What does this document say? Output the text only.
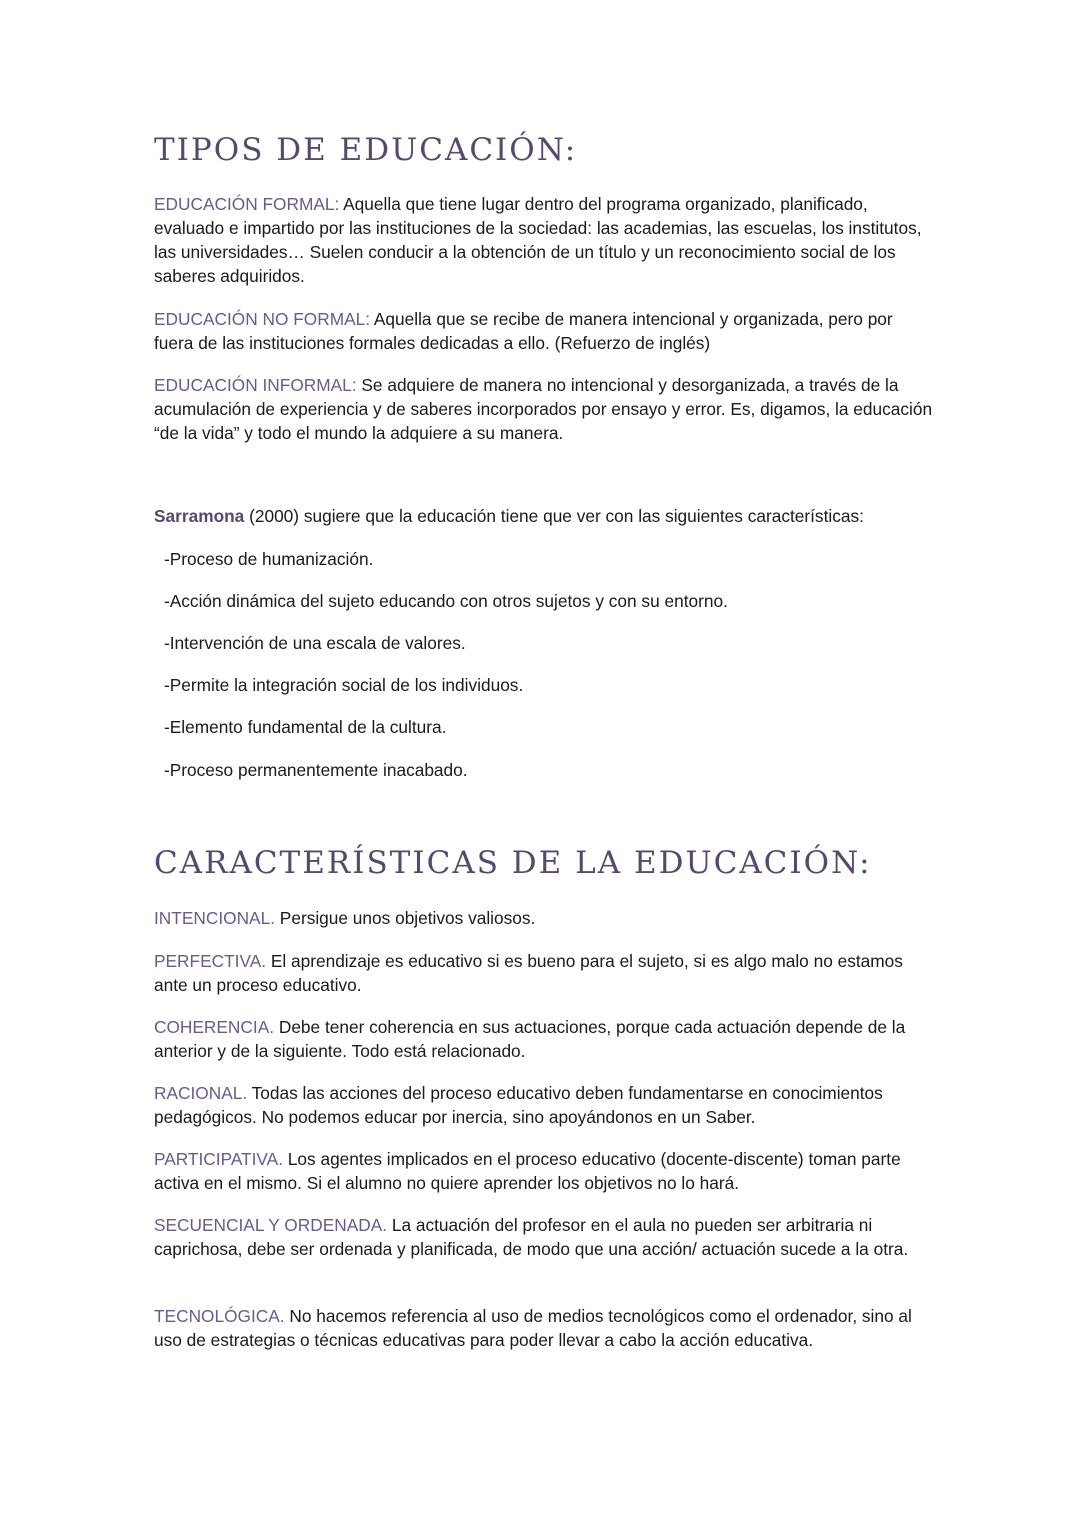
TIPOS DE EDUCACIÓN:

EDUCACIÓN FORMAL: Aquella que tiene lugar dentro del programa organizado, planificado, evaluado e impartido por las instituciones de la sociedad: las academias, las escuelas, los institutos, las universidades… Suelen conducir a la obtención de un título y un reconocimiento social de los saberes adquiridos.

EDUCACIÓN NO FORMAL: Aquella que se recibe de manera intencional y organizada, pero por fuera de las instituciones formales dedicadas a ello. (Refuerzo de inglés)

EDUCACIÓN INFORMAL: Se adquiere de manera no intencional y desorganizada, a través de la acumulación de experiencia y de saberes incorporados por ensayo y error. Es, digamos, la educación “de la vida” y todo el mundo la adquiere a su manera.

Sarramona (2000) sugiere que la educación tiene que ver con las siguientes características:

-Proceso de humanización.

-Acción dinámica del sujeto educando con otros sujetos y con su entorno.

-Intervención de una escala de valores.

-Permite la integración social de los individuos.

-Elemento fundamental de la cultura.

-Proceso permanentemente inacabado.

CARACTERÍSTICAS DE LA EDUCACIÓN:

INTENCIONAL. Persigue unos objetivos valiosos.

PERFECTIVA. El aprendizaje es educativo si es bueno para el sujeto, si es algo malo no estamos ante un proceso educativo.

COHERENCIA. Debe tener coherencia en sus actuaciones, porque cada actuación depende de la anterior y de la siguiente. Todo está relacionado.

RACIONAL. Todas las acciones del proceso educativo deben fundamentarse en conocimientos pedagógicos. No podemos educar por inercia, sino apoyándonos en un Saber.

PARTICIPATIVA. Los agentes implicados en el proceso educativo (docente-discente) toman parte activa en el mismo. Si el alumno no quiere aprender los objetivos no lo hará.

SECUENCIAL Y ORDENADA. La actuación del profesor en el aula no pueden ser arbitraria ni caprichosa, debe ser ordenada y planificada, de modo que una acción/ actuación sucede a la otra.

TECNOLÓGICA. No hacemos referencia al uso de medios tecnológicos como el ordenador, sino al uso de estrategias o técnicas educativas para poder llevar a cabo la acción educativa.
